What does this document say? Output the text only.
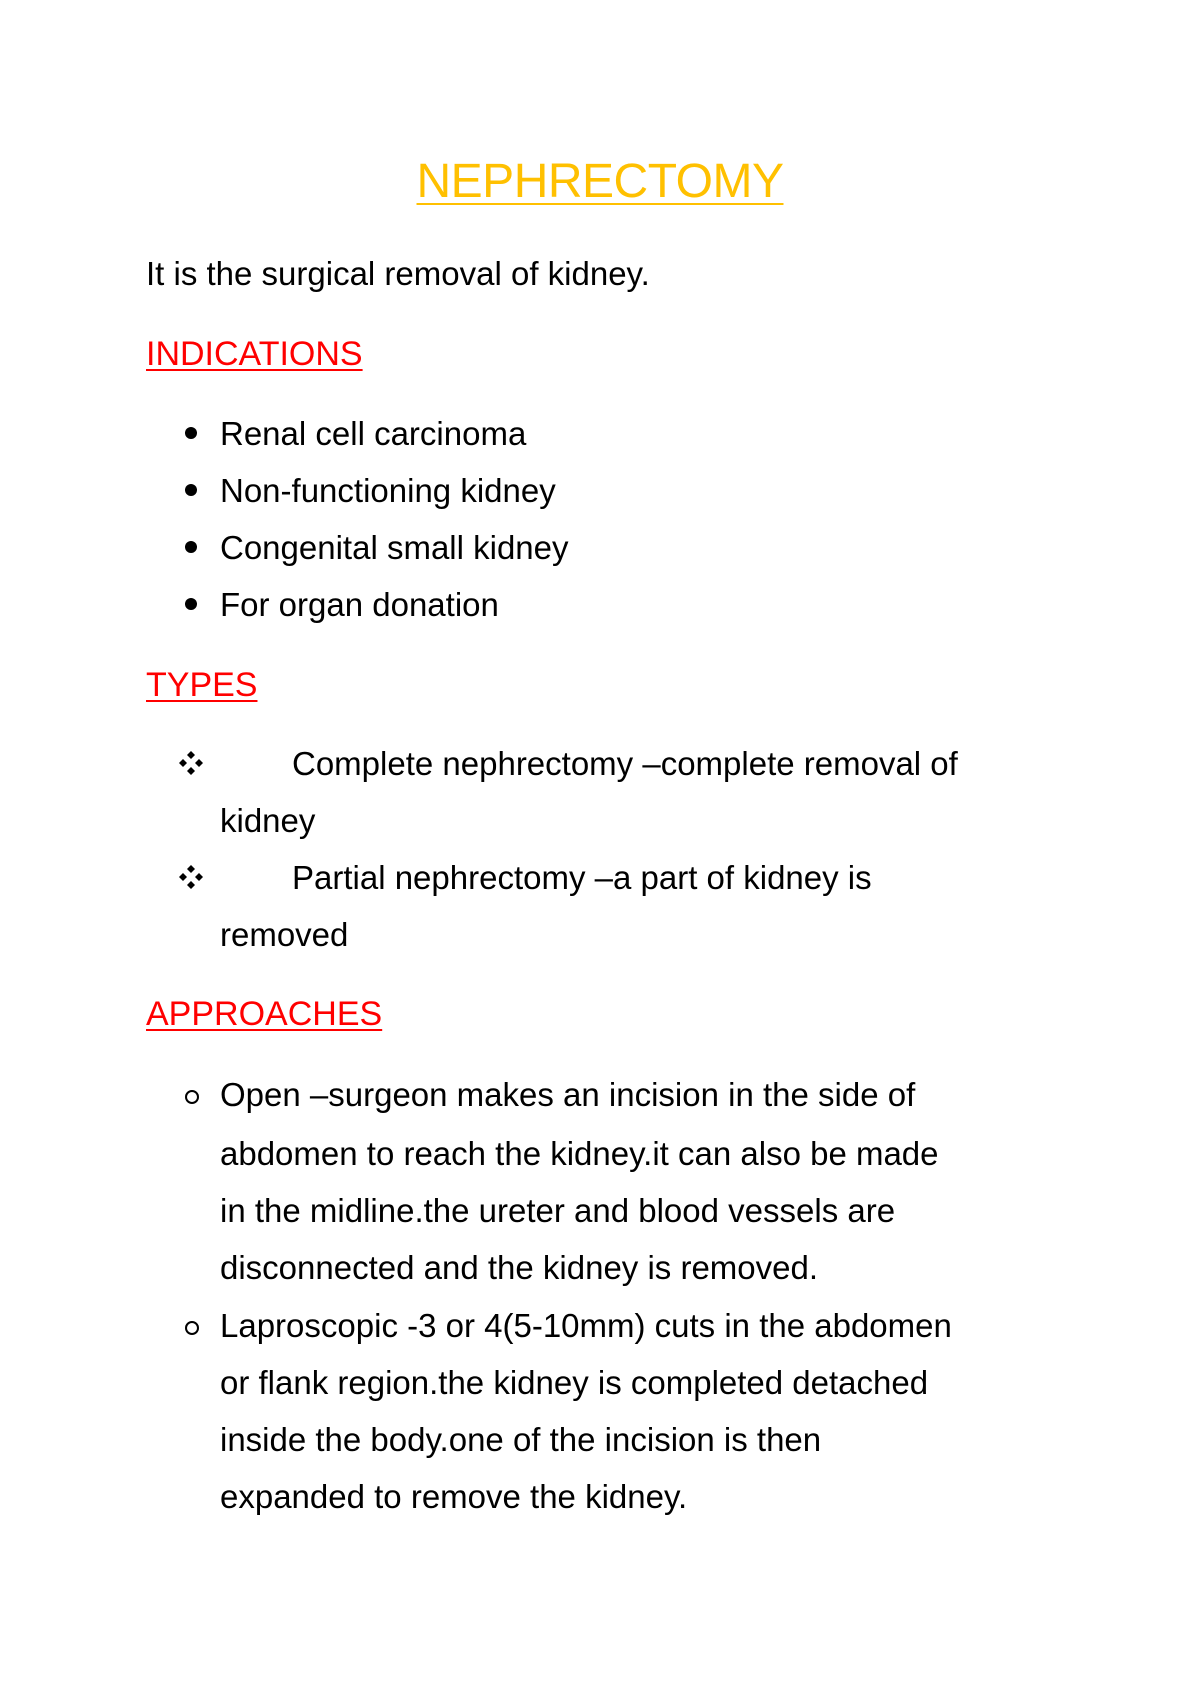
NEPHRECTOMY
It is the surgical removal of kidney.
INDICATIONS
Renal cell carcinoma
Non-functioning kidney
Congenital small kidney
For organ donation
TYPES
Complete nephrectomy –complete removal of
kidney
Partial nephrectomy –a part of kidney is
removed
APPROACHES
Open –surgeon makes an incision in the side of
abdomen to reach the kidney.it can also be made
in the midline.the ureter and blood vessels are
disconnected and the kidney is removed.
Laproscopic -3 or 4(5-10mm) cuts in the abdomen
or flank region.the kidney is completed detached
inside the body.one of the incision is then
expanded to remove the kidney.
